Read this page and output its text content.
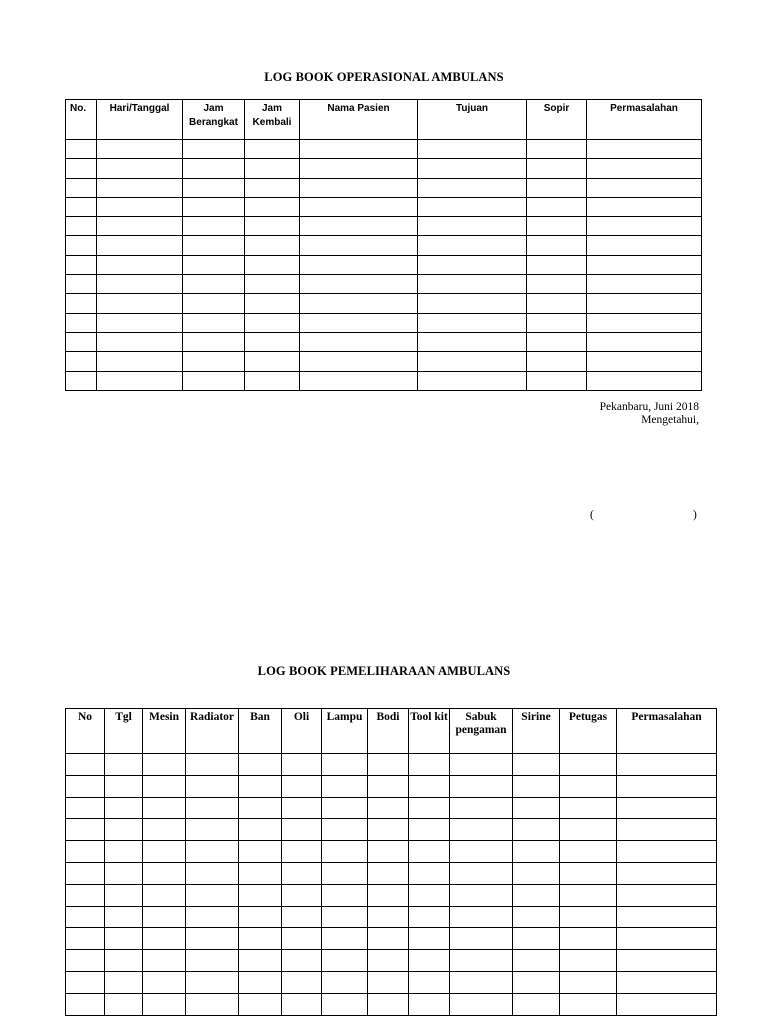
LOG BOOK OPERASIONAL AMBULANS
No.	Hari/Tanggal	Jam Berangkat	Jam Kembali	Nama Pasien	Tujuan	Sopir	Permasalahan

Pekanbaru, Juni 2018
Mengetahui,
(	)
LOG BOOK PEMELIHARAAN AMBULANS
No	Tgl	Mesin	Radiator	Ban	Oli	Lampu	Bodi	Tool kit	Sabuk pengaman	Sirine	Petugas	Permasalahan
